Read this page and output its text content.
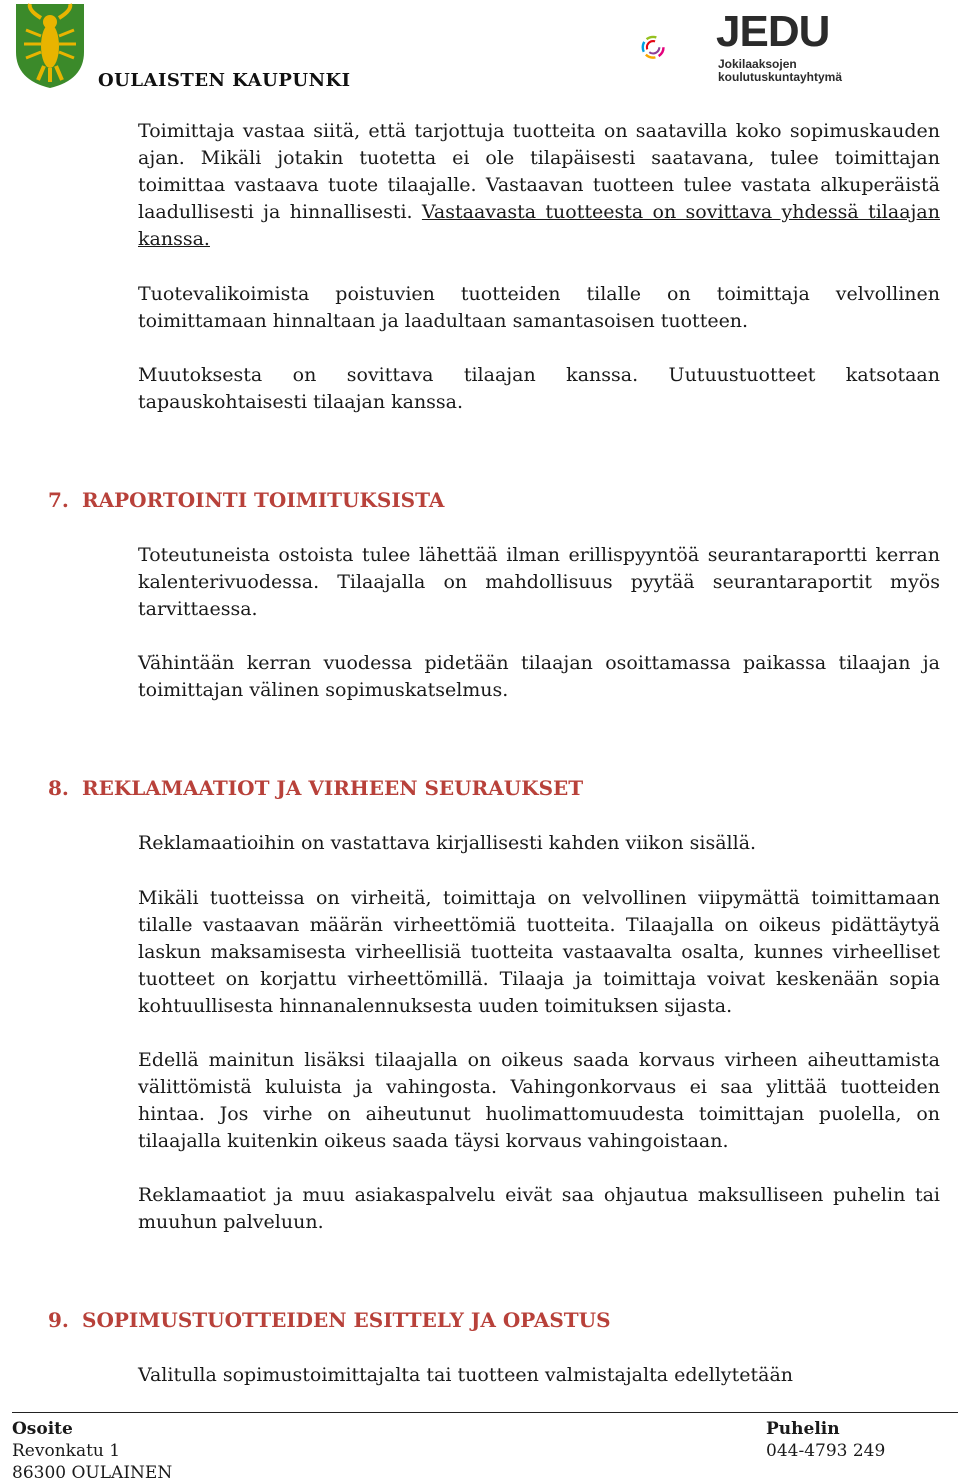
OULAISTEN KAUPUNKI
JEDU
Jokilaaksojen
koulutuskuntayhtymä

Toimittaja vastaa siitä, että tarjottuja tuotteita on saatavilla koko sopimuskauden ajan. Mikäli jotakin tuotetta ei ole tilapäisesti saatavana, tulee toimittajan toimittaa vastaava tuote tilaajalle. Vastaavan tuotteen tulee vastata alkuperäistä laadullisesti ja hinnallisesti. Vastaavasta tuotteesta on sovittava yhdessä tilaajan kanssa.

Tuotevalikoimista poistuvien tuotteiden tilalle on toimittaja velvollinen toimittamaan hinnaltaan ja laadultaan samantasoisen tuotteen.

Muutoksesta on sovittava tilaajan kanssa. Uutuustuotteet katsotaan tapauskohtaisesti tilaajan kanssa.

7. RAPORTOINTI TOIMITUKSISTA

Toteutuneista ostoista tulee lähettää ilman erillispyyntöä seurantaraportti kerran kalenterivuodessa. Tilaajalla on mahdollisuus pyytää seurantaraportit myös tarvittaessa.

Vähintään kerran vuodessa pidetään tilaajan osoittamassa paikassa tilaajan ja toimittajan välinen sopimuskatselmus.

8. REKLAMAATIOT JA VIRHEEN SEURAUKSET

Reklamaatioihin on vastattava kirjallisesti kahden viikon sisällä.

Mikäli tuotteissa on virheitä, toimittaja on velvollinen viipymättä toimittamaan tilalle vastaavan määrän virheettömiä tuotteita. Tilaajalla on oikeus pidättäytyä laskun maksamisesta virheellisiä tuotteita vastaavalta osalta, kunnes virheelliset tuotteet on korjattu virheettömillä. Tilaaja ja toimittaja voivat keskenään sopia kohtuullisesta hinnanalennuksesta uuden toimituksen sijasta.

Edellä mainitun lisäksi tilaajalla on oikeus saada korvaus virheen aiheuttamista välittömistä kuluista ja vahingosta. Vahingonkorvaus ei saa ylittää tuotteiden hintaa. Jos virhe on aiheutunut huolimattomuudesta toimittajan puolella, on tilaajalla kuitenkin oikeus saada täysi korvaus vahingoistaan.

Reklamaatiot ja muu asiakaspalvelu eivät saa ohjautua maksulliseen puhelin tai muuhun palveluun.

9. SOPIMUSTUOTTEIDEN ESITTELY JA OPASTUS

Valitulla sopimustoimittajalta tai tuotteen valmistajalta edellytetään

Osoite
Revonkatu 1
86300 OULAINEN
Puhelin
044-4793 249
